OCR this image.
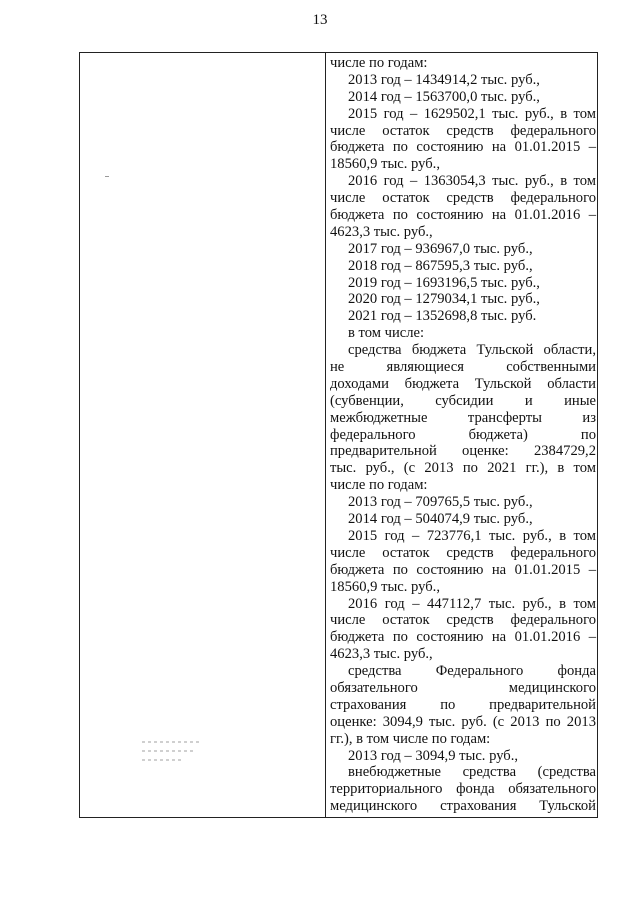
13
числе по годам:
2013 год – 1434914,2 тыс. руб.,
2014 год – 1563700,0 тыс. руб.,
2015 год – 1629502,1 тыс. руб., в том
числе остаток средств федерального
бюджета по состоянию на 01.01.2015 –
18560,9 тыс. руб.,
2016 год – 1363054,3 тыс. руб., в том
числе остаток средств федерального
бюджета по состоянию на 01.01.2016 –
4623,3 тыс. руб.,
2017 год – 936967,0 тыс. руб.,
2018 год – 867595,3 тыс. руб.,
2019 год – 1693196,5 тыс. руб.,
2020 год – 1279034,1 тыс. руб.,
2021 год – 1352698,8 тыс. руб.
в том числе:
средства бюджета Тульской области,
не являющиеся собственными
доходами бюджета Тульской области
(субвенции, субсидии и иные
межбюджетные трансферты из
федерального бюджета) по
предварительной оценке: 2384729,2
тыс. руб., (с 2013 по 2021 гг.), в том
числе по годам:
2013 год – 709765,5 тыс. руб.,
2014 год – 504074,9 тыс. руб.,
2015 год – 723776,1 тыс. руб., в том
числе остаток средств федерального
бюджета по состоянию на 01.01.2015 –
18560,9 тыс. руб.,
2016 год – 447112,7 тыс. руб., в том
числе остаток средств федерального
бюджета по состоянию на 01.01.2016 –
4623,3 тыс. руб.,
средства Федерального фонда
обязательного медицинского
страхования по предварительной
оценке: 3094,9 тыс. руб. (с 2013 по 2013
гг.), в том числе по годам:
2013 год – 3094,9 тыс. руб.,
внебюджетные средства (средства
территориального фонда обязательного
медицинского страхования Тульской
